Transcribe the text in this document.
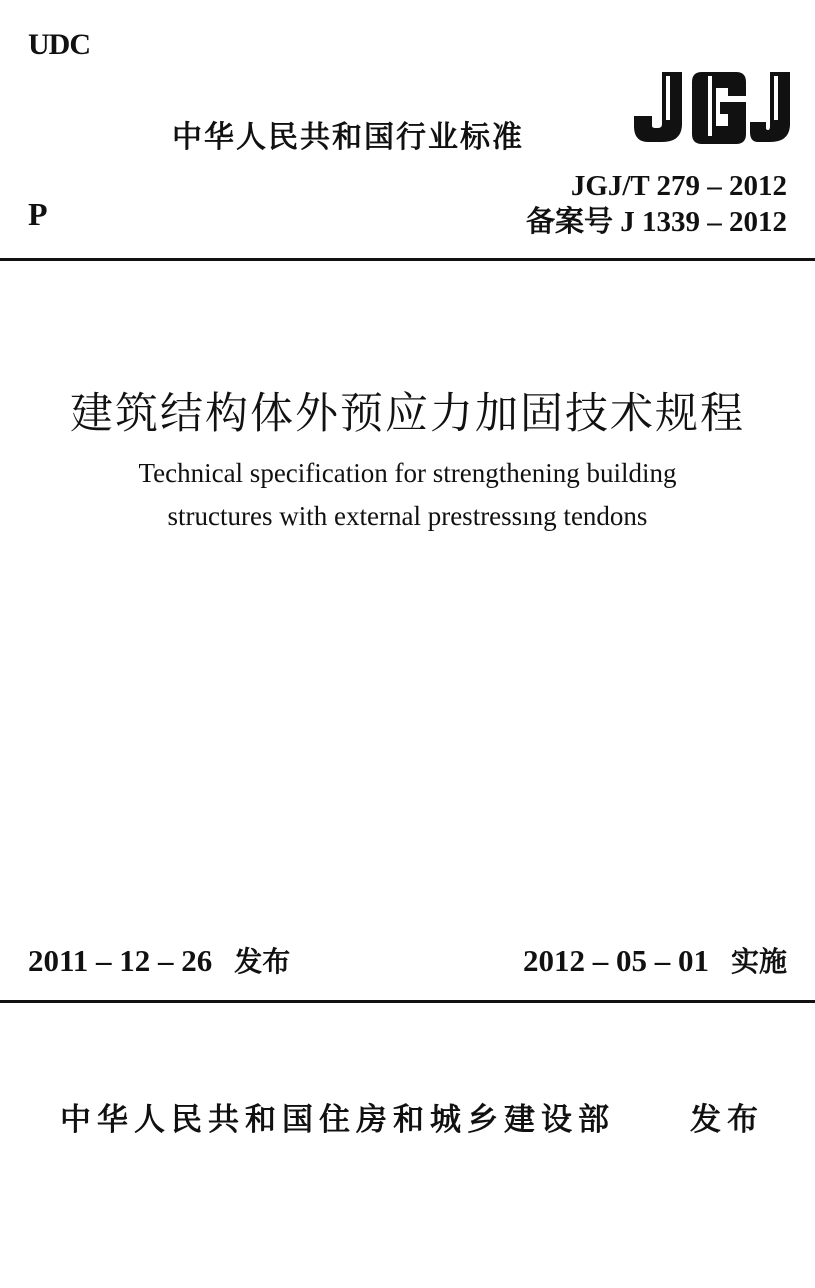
UDC
中华人民共和国行业标准
P
JGJ/T 279 – 2012
备案号 J 1339 – 2012
建筑结构体外预应力加固技术规程
Technical specification for strengthening building
structures with external prestressıng tendons
2011 – 12 – 26 发布	2012 – 05 – 01 实施
中华人民共和国住房和城乡建设部 发布
